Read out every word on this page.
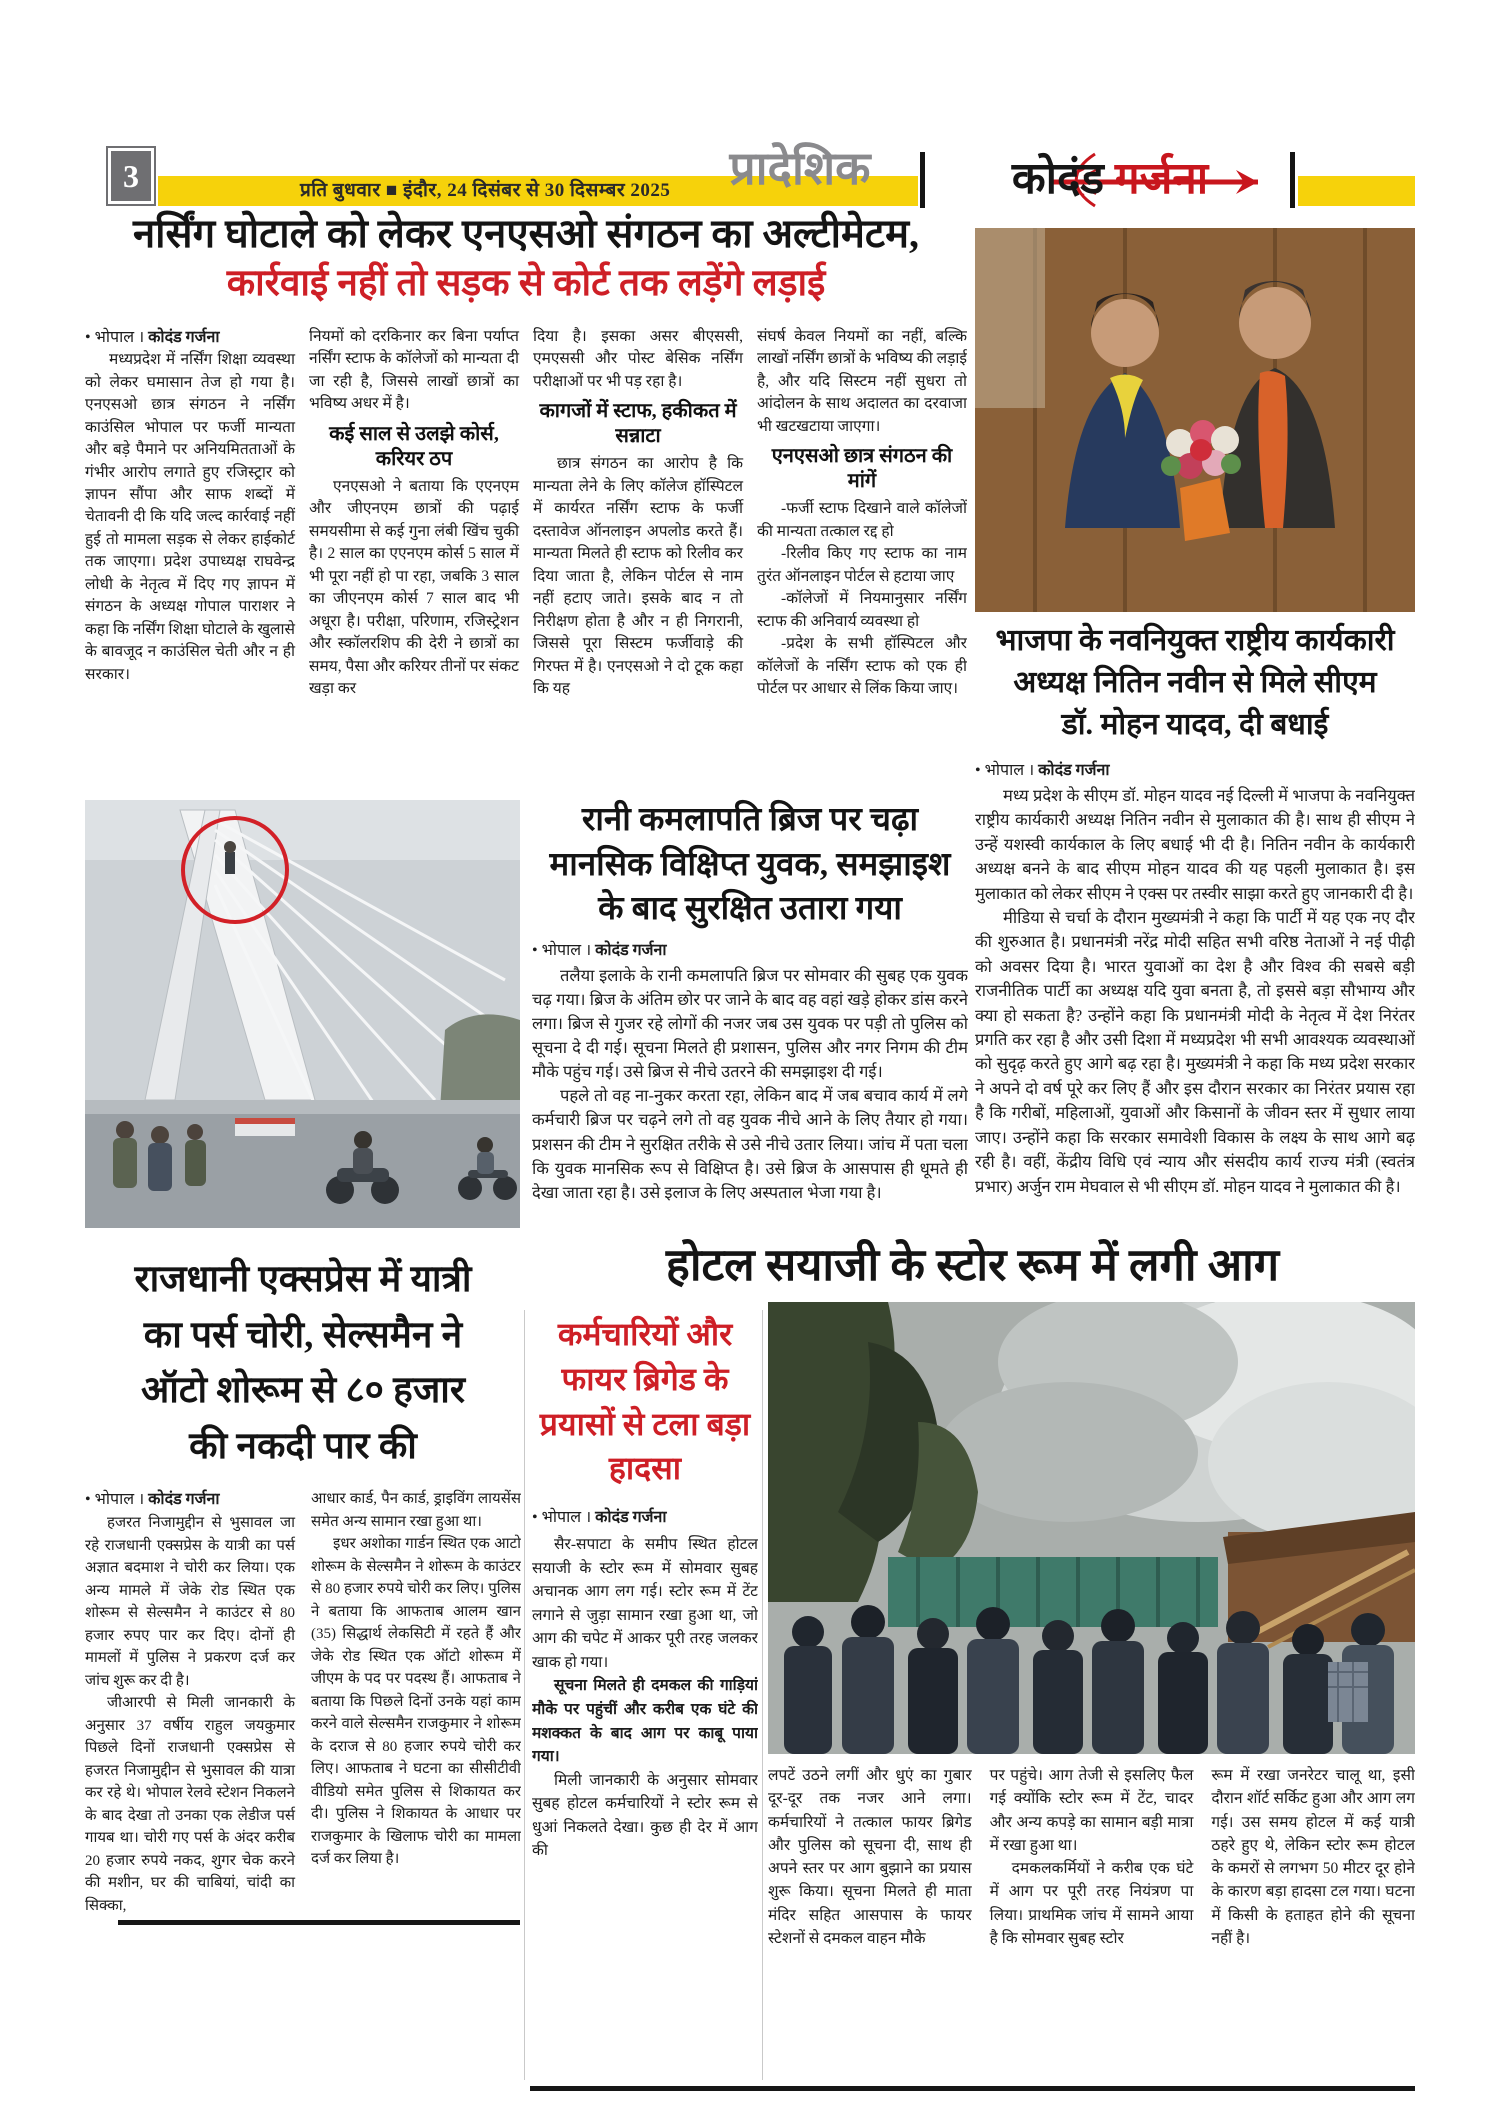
3	प्रति बुधवार ■ इंदौर, 24 दिसंबर से 30 दिसम्बर 2025	प्रादेशिक	कोदंड गर्जना
नर्सिंग घोटाले को लेकर एनएसओ संगठन का अल्टीमेटम,
कार्रवाई नहीं तो सड़क से कोर्ट तक लड़ेंगे लड़ाई
• भोपाल । कोदंड गर्जना

मध्यप्रदेश में नर्सिंग शिक्षा व्यवस्था को लेकर घमासान तेज हो गया है। एनएसओ छात्र संगठन ने नर्सिंग काउंसिल भोपाल पर फर्जी मान्यता और बड़े पैमाने पर अनियमितताओं के गंभीर आरोप लगाते हुए रजिस्ट्रार को ज्ञापन सौंपा और साफ शब्दों में चेतावनी दी कि यदि जल्द कार्रवाई नहीं हुई तो मामला सड़क से लेकर हाईकोर्ट तक जाएगा। प्रदेश उपाध्यक्ष राघवेन्द्र लोधी के नेतृत्व में दिए गए ज्ञापन में संगठन के अध्यक्ष गोपाल पाराशर ने कहा कि नर्सिंग शिक्षा घोटाले के खुलासे के बावजूद न काउंसिल चेती और न ही सरकार।

नियमों को दरकिनार कर बिना पर्याप्त नर्सिंग स्टाफ के कॉलेजों को मान्यता दी जा रही है, जिससे लाखों छात्रों का भविष्य अधर में है।

कई साल से उलझे कोर्स, करियर ठप

एनएसओ ने बताया कि एएनएम और जीएनएम छात्रों की पढ़ाई समयसीमा से कई गुना लंबी खिंच चुकी है। 2 साल का एएनएम कोर्स 5 साल में भी पूरा नहीं हो पा रहा, जबकि 3 साल का जीएनएम कोर्स 7 साल बाद भी अधूरा है। परीक्षा, परिणाम, रजिस्ट्रेशन और स्कॉलरशिप की देरी ने छात्रों का समय, पैसा और करियर तीनों पर संकट खड़ा कर

दिया है। इसका असर बीएससी, एमएससी और पोस्ट बेसिक नर्सिंग परीक्षाओं पर भी पड़ रहा है।

कागजों में स्टाफ, हकीकत में सन्नाटा

छात्र संगठन का आरोप है कि मान्यता लेने के लिए कॉलेज हॉस्पिटल में कार्यरत नर्सिंग स्टाफ के फर्जी दस्तावेज ऑनलाइन अपलोड करते हैं। मान्यता मिलते ही स्टाफ को रिलीव कर दिया जाता है, लेकिन पोर्टल से नाम नहीं हटाए जाते। इसके बाद न तो निरीक्षण होता है और न ही निगरानी, जिससे पूरा सिस्टम फर्जीवाड़े की गिरफ्त में है। एनएसओ ने दो टूक कहा कि यह

संघर्ष केवल नियमों का नहीं, बल्कि लाखों नर्सिंग छात्रों के भविष्य की लड़ाई है, और यदि सिस्टम नहीं सुधरा तो आंदोलन के साथ अदालत का दरवाजा भी खटखटाया जाएगा।

एनएसओ छात्र संगठन की मांगें

-फर्जी स्टाफ दिखाने वाले कॉलेजों की मान्यता तत्काल रद्द हो

-रिलीव किए गए स्टाफ का नाम तुरंत ऑनलाइन पोर्टल से हटाया जाए

-कॉलेजों में नियमानुसार नर्सिंग स्टाफ की अनिवार्य व्यवस्था हो

-प्रदेश के सभी हॉस्पिटल और कॉलेजों के नर्सिंग स्टाफ को एक ही पोर्टल पर आधार से लिंक किया जाए।

भाजपा के नवनियुक्त राष्ट्रीय कार्यकारी
अध्यक्ष नितिन नवीन से मिले सीएम
डॉ. मोहन यादव, दी बधाई
• भोपाल । कोदंड गर्जना

मध्य प्रदेश के सीएम डॉ. मोहन यादव नई दिल्ली में भाजपा के नवनियुक्त राष्ट्रीय कार्यकारी अध्यक्ष नितिन नवीन से मुलाकात की है। साथ ही सीएम ने उन्हें यशस्वी कार्यकाल के लिए बधाई भी दी है। नितिन नवीन के कार्यकारी अध्यक्ष बनने के बाद सीएम मोहन यादव की यह पहली मुलाकात है। इस मुलाकात को लेकर सीएम ने एक्स पर तस्वीर साझा करते हुए जानकारी दी है।

मीडिया से चर्चा के दौरान मुख्यमंत्री ने कहा कि पार्टी में यह एक नए दौर की शुरुआत है। प्रधानमंत्री नरेंद्र मोदी सहित सभी वरिष्ठ नेताओं ने नई पीढ़ी को अवसर दिया है। भारत युवाओं का देश है और विश्व की सबसे बड़ी राजनीतिक पार्टी का अध्यक्ष यदि युवा बनता है, तो इससे बड़ा सौभाग्य और क्या हो सकता है? उन्होंने कहा कि प्रधानमंत्री मोदी के नेतृत्व में देश निरंतर प्रगति कर रहा है और उसी दिशा में मध्यप्रदेश भी सभी आवश्यक व्यवस्थाओं को सुदृढ़ करते हुए आगे बढ़ रहा है। मुख्यमंत्री ने कहा कि मध्य प्रदेश सरकार ने अपने दो वर्ष पूरे कर लिए हैं और इस दौरान सरकार का निरंतर प्रयास रहा है कि गरीबों, महिलाओं, युवाओं और किसानों के जीवन स्तर में सुधार लाया जाए। उन्होंने कहा कि सरकार समावेशी विकास के लक्ष्य के साथ आगे बढ़ रही है। वहीं, केंद्रीय विधि एवं न्याय और संसदीय कार्य राज्य मंत्री (स्वतंत्र प्रभार) अर्जुन राम मेघवाल से भी सीएम डॉ. मोहन यादव ने मुलाकात की है।

रानी कमलापति ब्रिज पर चढ़ा
मानसिक विक्षिप्त युवक, समझाइश
के बाद सुरक्षित उतारा गया
• भोपाल । कोदंड गर्जना

तलैया इलाके के रानी कमलापति ब्रिज पर सोमवार की सुबह एक युवक चढ़ गया। ब्रिज के अंतिम छोर पर जाने के बाद वह वहां खड़े होकर डांस करने लगा। ब्रिज से गुजर रहे लोगों की नजर जब उस युवक पर पड़ी तो पुलिस को सूचना दे दी गई। सूचना मिलते ही प्रशासन, पुलिस और नगर निगम की टीम मौके पहुंच गई। उसे ब्रिज से नीचे उतरने की समझाइश दी गई।

पहले तो वह ना-नुकर करता रहा, लेकिन बाद में जब बचाव कार्य में लगे कर्मचारी ब्रिज पर चढ़ने लगे तो वह युवक नीचे आने के लिए तैयार हो गया। प्रशसन की टीम ने सुरक्षित तरीके से उसे नीचे उतार लिया। जांच में पता चला कि युवक मानसिक रूप से विक्षिप्त है। उसे ब्रिज के आसपास ही धूमते ही देखा जाता रहा है। उसे इलाज के लिए अस्पताल भेजा गया है।

राजधानी एक्सप्रेस में यात्री
का पर्स चोरी, सेल्समैन ने
ऑटो शोरूम से ८० हजार
की नकदी पार की
• भोपाल । कोदंड गर्जना

हजरत निजामुद्दीन से भुसावल जा रहे राजधानी एक्सप्रेस के यात्री का पर्स अज्ञात बदमाश ने चोरी कर लिया। एक अन्य मामले में जेके रोड स्थित एक शोरूम से सेल्समैन ने काउंटर से 80 हजार रुपए पार कर दिए। दोनों ही मामलों में पुलिस ने प्रकरण दर्ज कर जांच शुरू कर दी है।

जीआरपी से मिली जानकारी के अनुसार 37 वर्षीय राहुल जयकुमार पिछले दिनों राजधानी एक्सप्रेस से हजरत निजामुद्दीन से भुसावल की यात्रा कर रहे थे। भोपाल रेलवे स्टेशन निकलने के बाद देखा तो उनका एक लेडीज पर्स गायब था। चोरी गए पर्स के अंदर करीब 20 हजार रुपये नकद, शुगर चेक करने की मशीन, घर की चाबियां, चांदी का सिक्का,

आधार कार्ड, पैन कार्ड, ड्राइविंग लायसेंस समेत अन्य सामान रखा हुआ था।

इधर अशोका गार्डन स्थित एक आटो शोरूम के सेल्समैन ने शोरूम के काउंटर से 80 हजार रुपये चोरी कर लिए। पुलिस ने बताया कि आफताब आलम खान (35) सिद्धार्थ लेकसिटी में रहते हैं और जेके रोड स्थित एक ऑटो शोरूम में जीएम के पद पर पदस्थ हैं। आफताब ने बताया कि पिछले दिनों उनके यहां काम करने वाले सेल्समैन राजकुमार ने शोरूम के दराज से 80 हजार रुपये चोरी कर लिए। आफताब ने घटना का सीसीटीवी वीडियो समेत पुलिस से शिकायत कर दी। पुलिस ने शिकायत के आधार पर राजकुमार के खिलाफ चोरी का मामला दर्ज कर लिया है।

होटल सयाजी के स्टोर रूम में लगी आग
कर्मचारियों और फायर ब्रिगेड के प्रयासों से टला बड़ा हादसा
• भोपाल । कोदंड गर्जना

सैर-सपाटा के समीप स्थित होटल सयाजी के स्टोर रूम में सोमवार सुबह अचानक आग लग गई। स्टोर रूम में टेंट लगाने से जुड़ा सामान रखा हुआ था, जो आग की चपेट में आकर पूरी तरह जलकर खाक हो गया।

सूचना मिलते ही दमकल की गाड़ियां मौके पर पहुंचीं और करीब एक घंटे की मशक्कत के बाद आग पर काबू पाया गया।

मिली जानकारी के अनुसार सोमवार सुबह होटल कर्मचारियों ने स्टोर रूम से धुआं निकलते देखा। कुछ ही देर में आग की

लपटें उठने लगीं और धुएं का गुबार दूर-दूर तक नजर आने लगा। कर्मचारियों ने तत्काल फायर ब्रिगेड और पुलिस को सूचना दी, साथ ही अपने स्तर पर आग बुझाने का प्रयास शुरू किया। सूचना मिलते ही माता मंदिर सहित आसपास के फायर स्टेशनों से दमकल वाहन मौके

पर पहुंचे। आग तेजी से इसलिए फैल गई क्योंकि स्टोर रूम में टेंट, चादर और अन्य कपड़े का सामान बड़ी मात्रा में रखा हुआ था।

दमकलकर्मियों ने करीब एक घंटे में आग पर पूरी तरह नियंत्रण पा लिया। प्राथमिक जांच में सामने आया है कि सोमवार सुबह स्टोर

रूम में रखा जनरेटर चालू था, इसी दौरान शॉर्ट सर्किट हुआ और आग लग गई। उस समय होटल में कई यात्री ठहरे हुए थे, लेकिन स्टोर रूम होटल के कमरों से लगभग 50 मीटर दूर होने के कारण बड़ा हादसा टल गया। घटना में किसी के हताहत होने की सूचना नहीं है।
